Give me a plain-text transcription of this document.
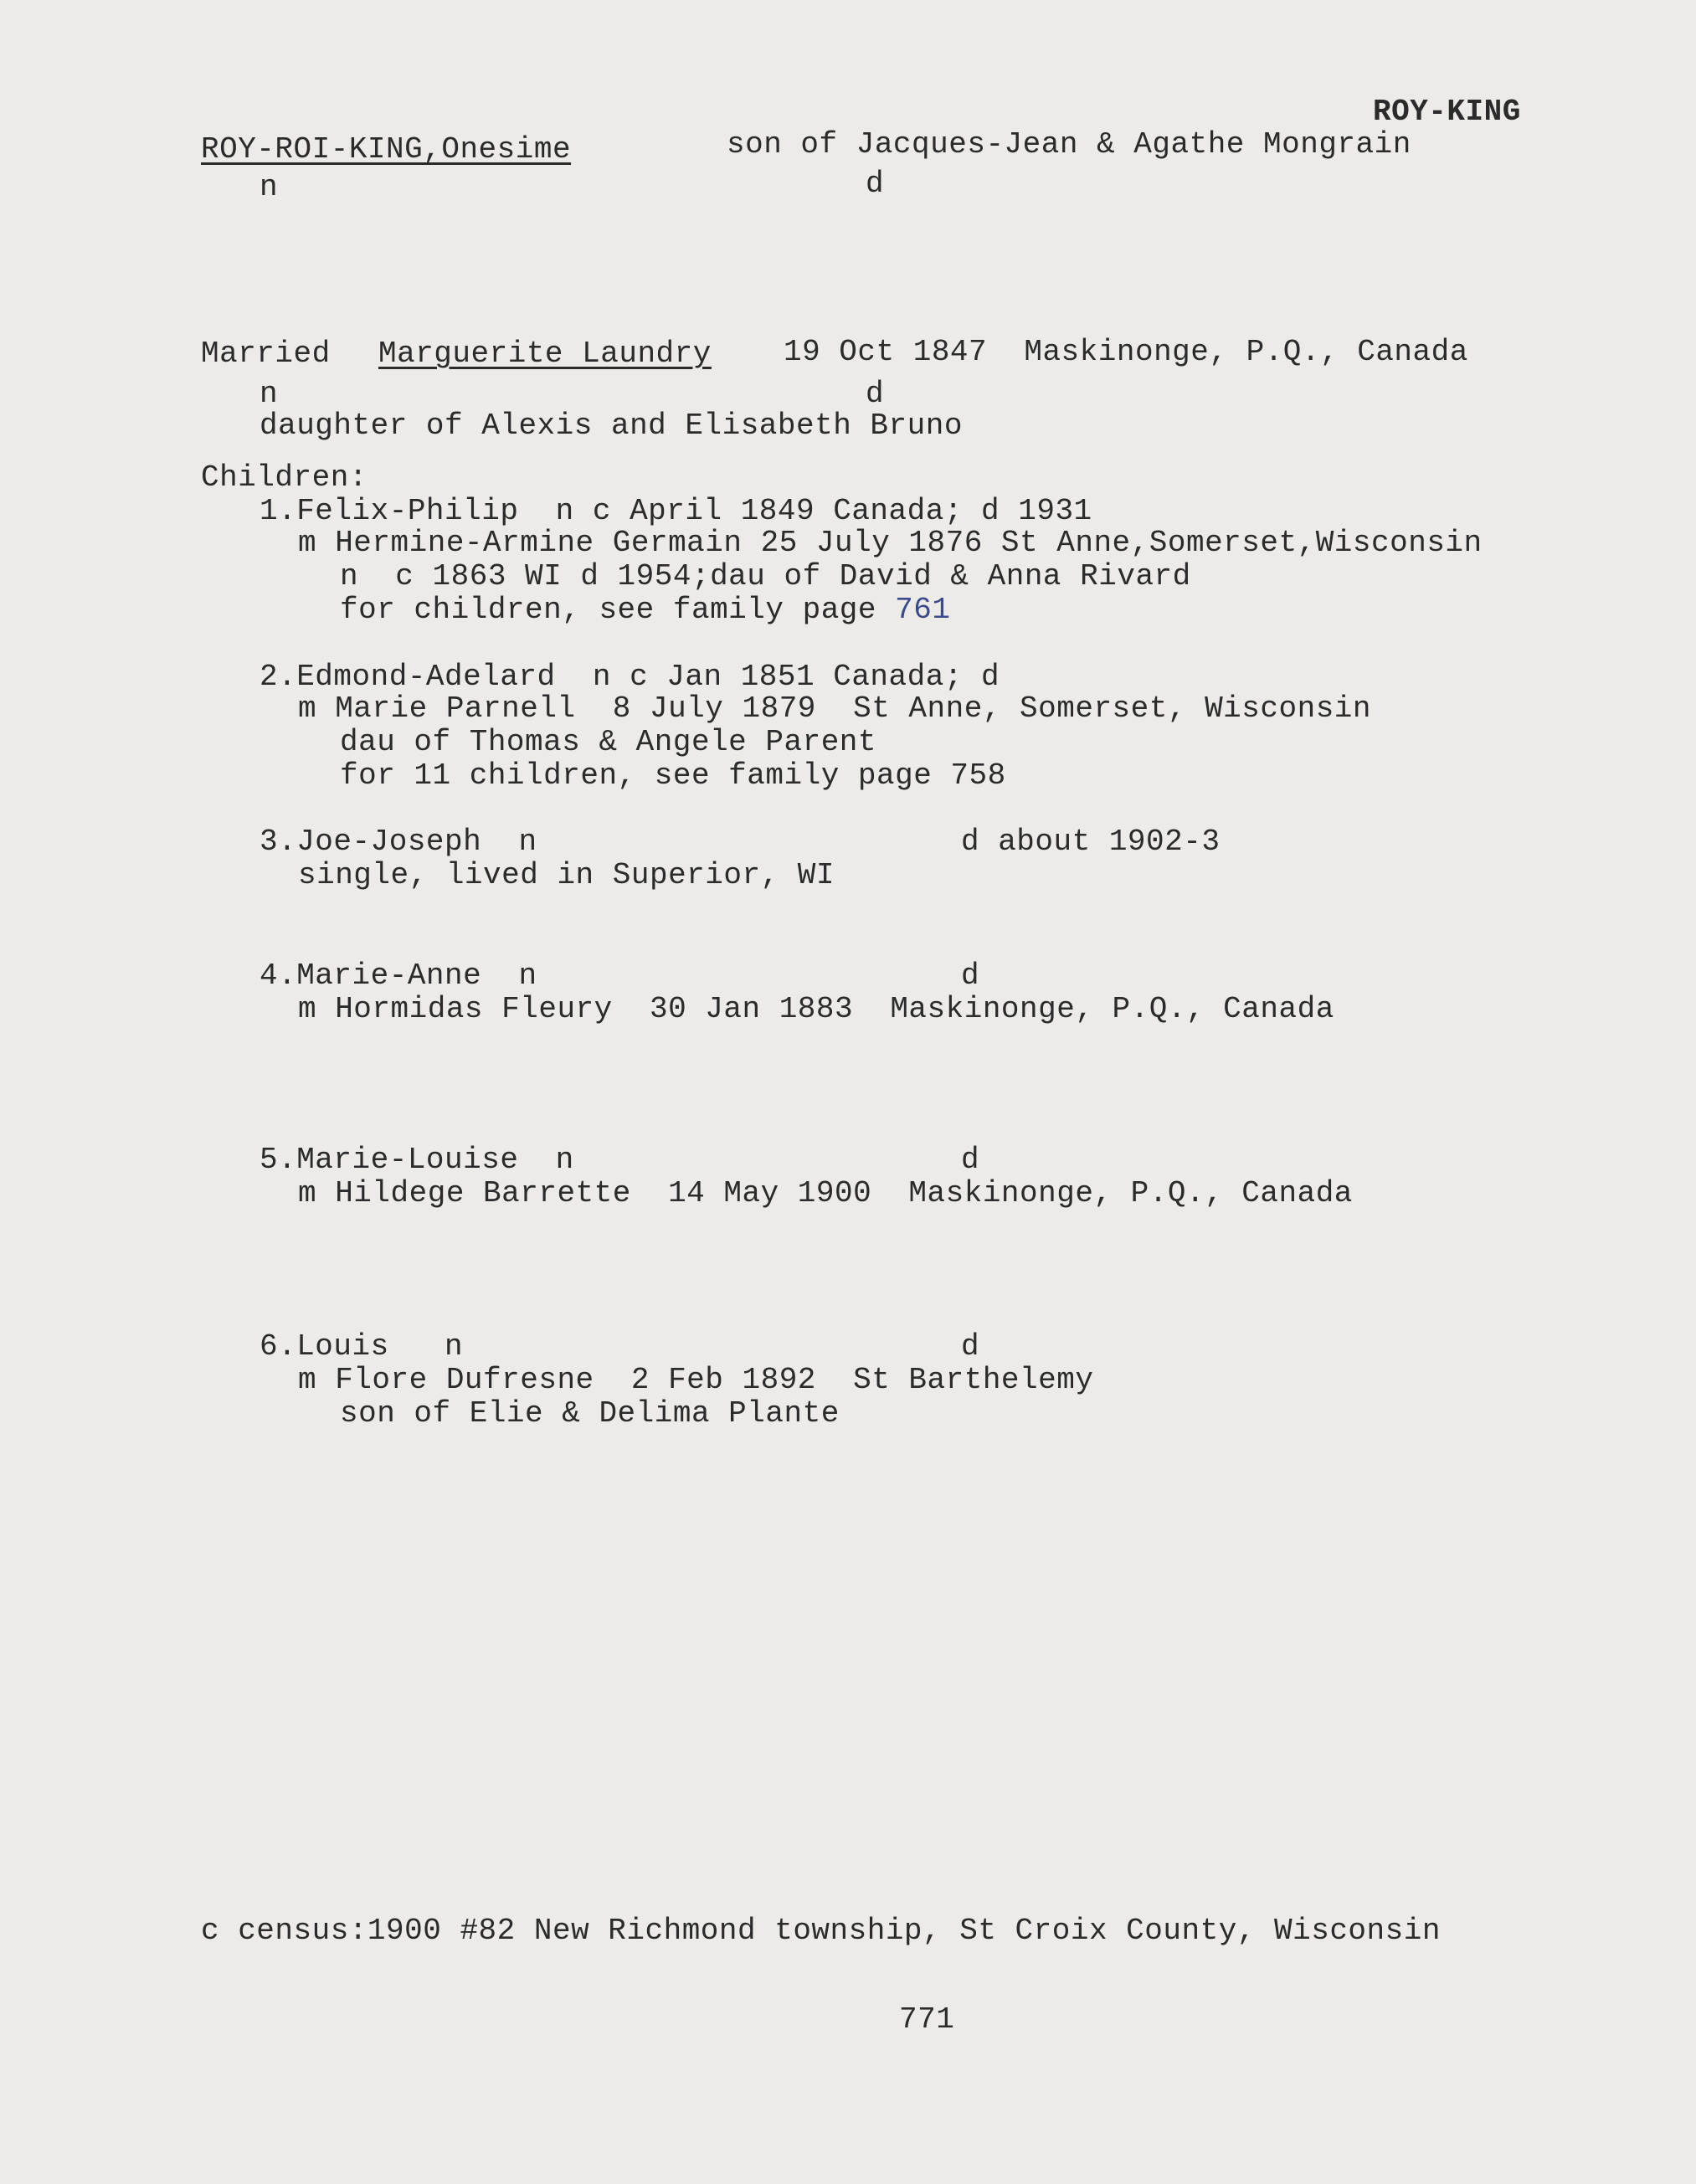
ROY-KING
ROY-ROI-KING,Onesime	son of Jacques-Jean & Agathe Mongrain
n	d
Married Marguerite Laundry 19 Oct 1847  Maskinonge, P.Q., Canada
n	d
daughter of Alexis and Elisabeth Bruno
Children:
1.Felix-Philip  n c April 1849 Canada; d 1931
m Hermine-Armine Germain 25 July 1876 St Anne,Somerset,Wisconsin
n  c 1863 WI d 1954;dau of David & Anna Rivard
for children, see family page 761
2.Edmond-Adelard  n c Jan 1851 Canada; d
m Marie Parnell  8 July 1879  St Anne, Somerset, Wisconsin
dau of Thomas & Angele Parent
for 11 children, see family page 758
3.Joe-Joseph  n	d about 1902-3
single, lived in Superior, WI
4.Marie-Anne  n	d
m Hormidas Fleury  30 Jan 1883  Maskinonge, P.Q., Canada
5.Marie-Louise  n	d
m Hildege Barrette  14 May 1900  Maskinonge, P.Q., Canada
6.Louis   n	d
m Flore Dufresne  2 Feb 1892  St Barthelemy
son of Elie & Delima Plante
c census:1900 #82 New Richmond township, St Croix County, Wisconsin
771
